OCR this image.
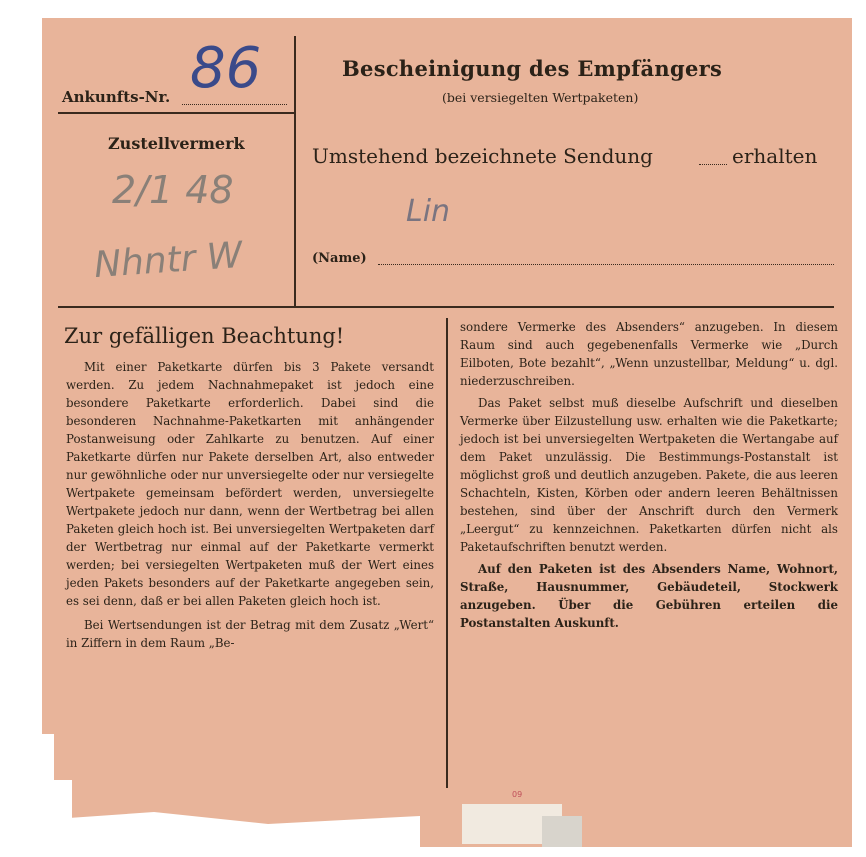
Ankunfts-Nr. 86
Zustellvermerk
2/1 48
Nhntr W
Bescheinigung des Empfängers
(bei versiegelten Wertpaketen)
Umstehend bezeichnete Sendung	erhalten
Lin
(Name)
Zur gefälligen Beachtung!

Mit einer Paketkarte dürfen bis 3 Pakete versandt werden. Zu jedem Nachnahmepaket ist jedoch eine besondere Paketkarte erforderlich. Dabei sind die besonderen Nachnahme-Paketkarten mit anhängender Postanweisung oder Zahlkarte zu benutzen. Auf einer Paketkarte dürfen nur Pakete derselben Art, also entweder nur gewöhnliche oder nur unversiegelte oder nur versiegelte Wertpakete gemeinsam befördert werden, unversiegelte Wertpakete jedoch nur dann, wenn der Wertbetrag bei allen Paketen gleich hoch ist. Bei unversiegelten Wertpaketen darf der Wertbetrag nur einmal auf der Paketkarte vermerkt werden; bei versiegelten Wertpaketen muß der Wert eines jeden Pakets besonders auf der Paketkarte angegeben sein, es sei denn, daß er bei allen Paketen gleich hoch ist.

Bei Wertsendungen ist der Betrag mit dem Zusatz „Wert“ in Ziffern in dem Raum „Be-

sondere Vermerke des Absenders“ anzugeben. In diesem Raum sind auch gegebenenfalls Vermerke wie „Durch Eilboten, Bote bezahlt“, „Wenn unzustellbar, Meldung“ u. dgl. niederzuschreiben.

Das Paket selbst muß dieselbe Aufschrift und dieselben Vermerke über Eilzustellung usw. erhalten wie die Paketkarte; jedoch ist bei unversiegelten Wertpaketen die Wertangabe auf dem Paket unzulässig. Die Bestimmungs-Postanstalt ist möglichst groß und deutlich anzugeben. Pakete, die aus leeren Schachteln, Kisten, Körben oder andern leeren Behältnissen bestehen, sind über der Anschrift durch den Vermerk „Leergut“ zu kennzeichnen. Paketkarten dürfen nicht als Paketaufschriften benutzt werden.

Auf den Paketen ist des Absenders Name, Wohnort, Straße, Hausnummer, Gebäudeteil, Stockwerk anzugeben. Über die Gebühren erteilen die Postanstalten Auskunft.

09
